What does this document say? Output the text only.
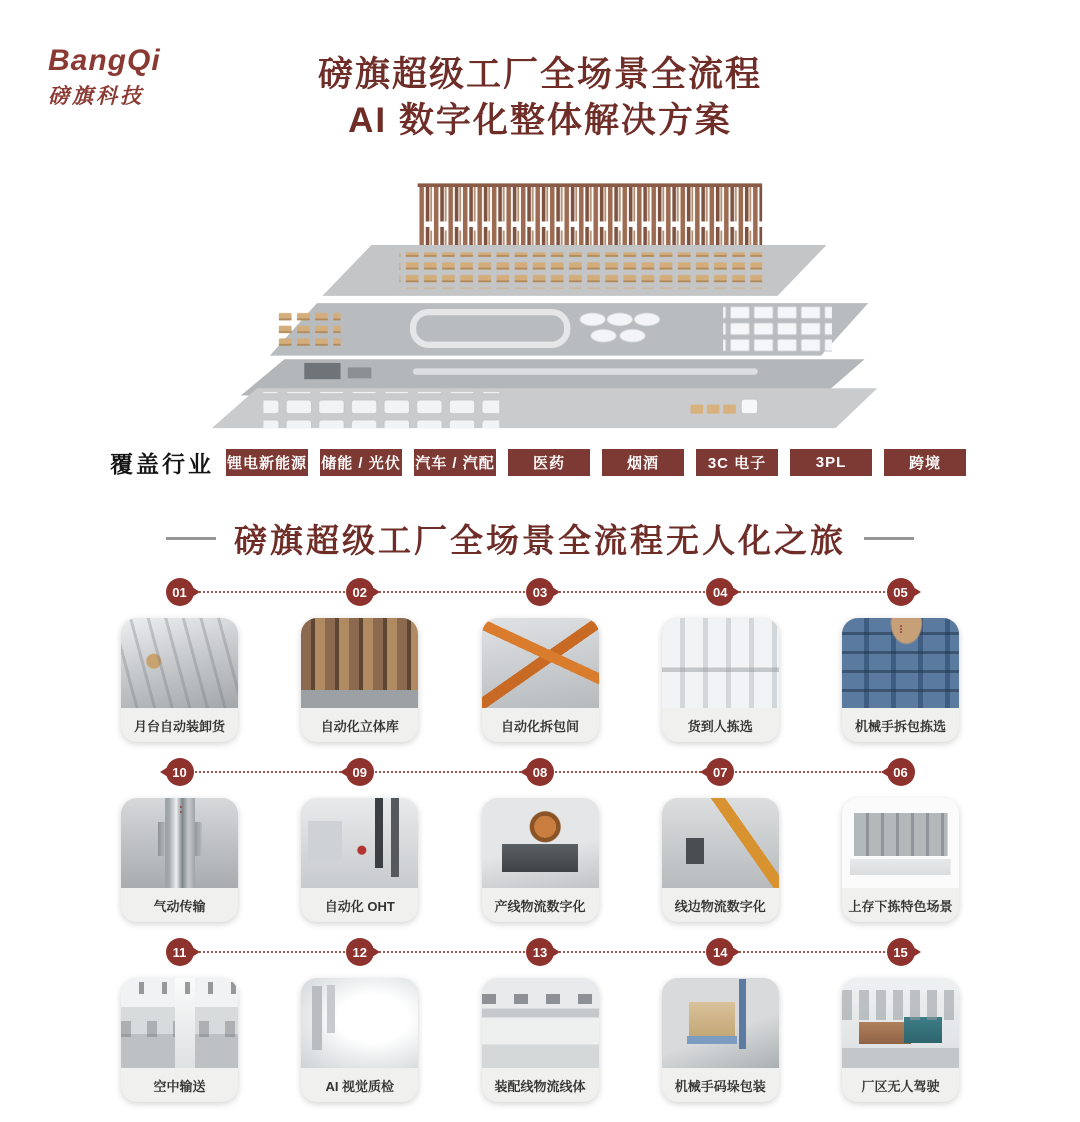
BangQi
磅旗科技
磅旗超级工厂全场景全流程
AI 数字化整体解决方案
覆盖行业 锂电新能源 储能 / 光伏 汽车 / 汽配	医药	烟酒	3C 电子	3PL	跨境
磅旗超级工厂全场景全流程无人化之旅
01	02	03	04	05
月台自动装卸货	自动化立体库	自动化拆包间	货到人拣选	机械手拆包拣选
10	09	08	07	06
气动传输	自动化 OHT	产线物流数字化	线边物流数字化	上存下拣特色场景
11	12	13	14	15
空中输送	AI 视觉质检	装配线物流线体	机械手码垛包装	厂区无人驾驶
